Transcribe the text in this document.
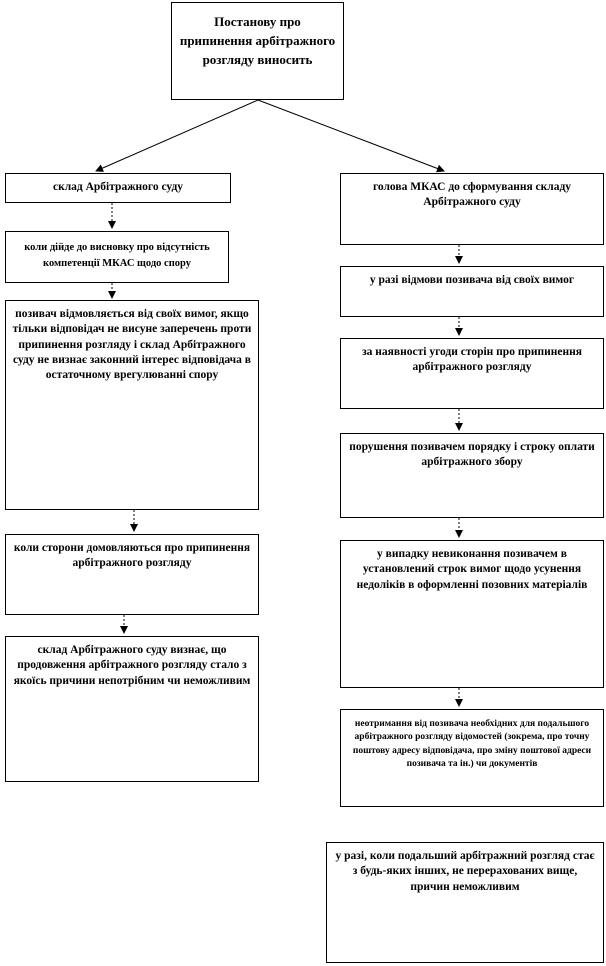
Постанову про припинення арбітражного розгляду виносить
склад Арбітражного суду
коли дійде до висновку про відсутність компетенції МКАС щодо спору
позивач відмовляється від своїх вимог, якщо тільки відповідач не висуне заперечень проти припинення розгляду і склад Арбітражного суду не визнає законний інтерес відповідача в остаточному врегулюванні спору
коли сторони домовляються про припинення арбітражного розгляду
склад Арбітражного суду визнає, що продовження арбітражного розгляду стало з якоїсь причини непотрібним чи неможливим
голова МКАС до сформування складу Арбітражного суду
у разі відмови позивача від своїх вимог
за наявності угоди сторін про припинення арбітражного розгляду
порушення позивачем порядку і строку оплати арбітражного збору
у випадку невиконання позивачем в установлений строк вимог щодо усунення недоліків в оформленні позовних матеріалів
неотримання від позивача необхідних для подальшого арбітражного розгляду відомостей (зокрема, про точну поштову адресу відповідача, про зміну поштової адреси позивача та ін.) чи документів
у разі, коли подальший арбітражний розгляд стає з будь-яких інших, не перерахованих вище, причин неможливим
